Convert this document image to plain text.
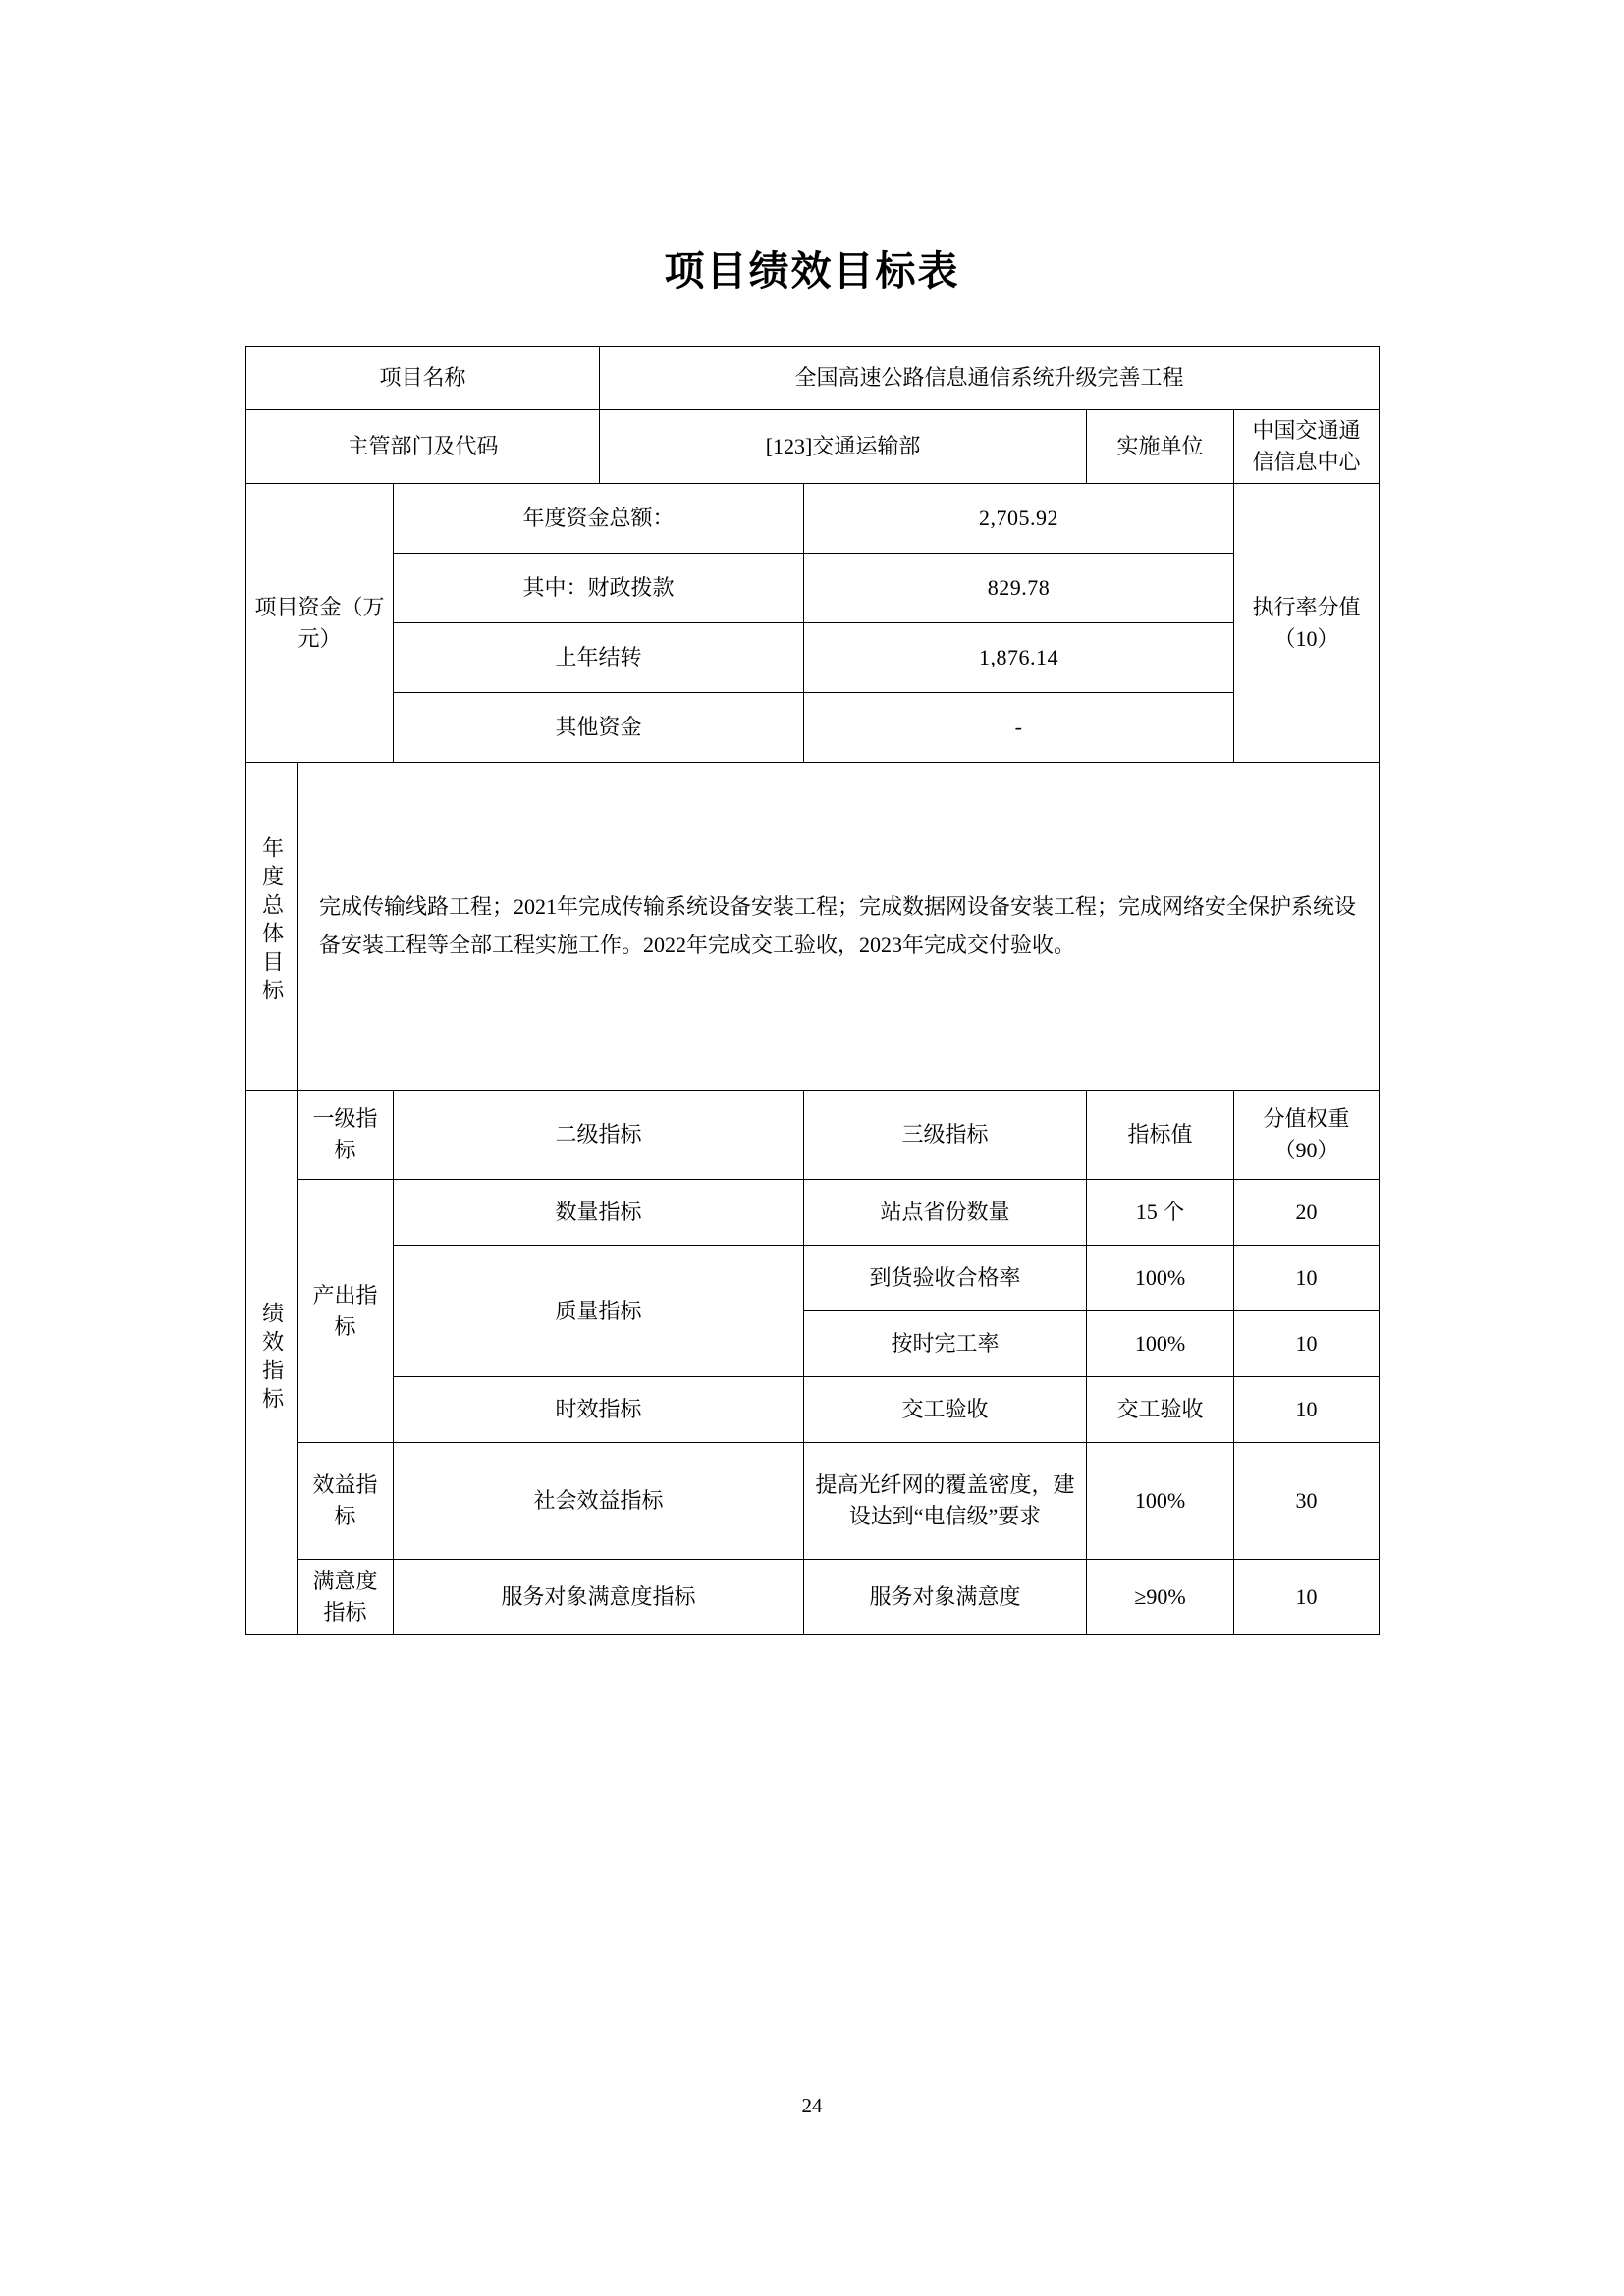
项目绩效目标表
项目名称			全国高速公路信息通信系统升级完善工程			
主管部门及代码			[123]交通运输部		实施单位	中国交通通信信息中心
项目资金（万元）		年度资金总额：		2,705.92		执行率分值（10）
		其中：财政拨款		829.78		
		上年结转		1,876.14		
		其他资金		-		
年度总体目标	完成传输线路工程；2021年完成传输系统设备安装工程；完成数据网设备安装工程；完成网络安全保护系统设备安装工程等全部工程实施工作。2022年完成交工验收，2023年完成交付验收。					

绩效指标	一级指标	二级指标		三级指标	指标值	分值权重（90）
	产出指标	数量指标		站点省份数量	15 个	20
		质量指标		到货验收合格率	100%	10
				按时完工率	100%	10
		时效指标		交工验收	交工验收	10
	效益指标	社会效益指标		提高光纤网的覆盖密度，建设达到“电信级”要求	100%	30
	满意度指标	服务对象满意度指标		服务对象满意度	≥90%	10
24
